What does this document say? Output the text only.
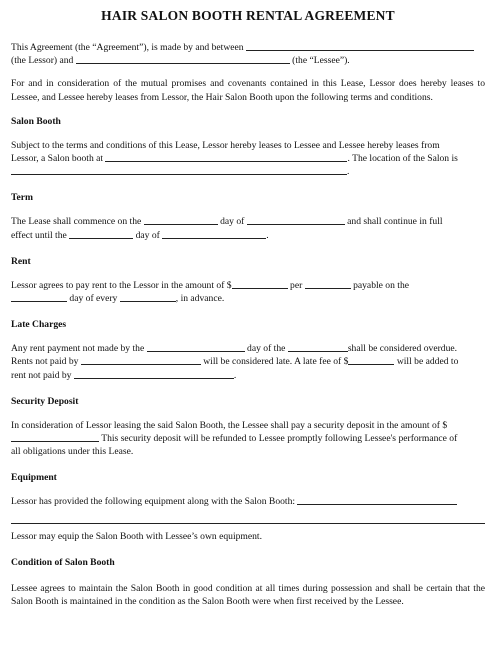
HAIR SALON BOOTH RENTAL AGREEMENT

This Agreement (the “Agreement”), is made by and between

(the Lessor) and	(the “Lessee”).

For and in consideration of the mutual promises and covenants contained in this Lease, Lessor does hereby leases to Lessee, and Lessee hereby leases from Lessor, the Hair Salon Booth upon the following terms and conditions.

Salon Booth

Subject to the terms and conditions of this Lease, Lessor hereby leases to Lessee and Lessee hereby leases from

Lessor, a Salon booth at	. The location of the Salon is

.

Term

The Lease shall commence on the	day of	and shall continue in full

effect until the	day of	.

Rent

Lessor agrees to pay rent to the Lessor in the amount of $	per	payable on the

day of every	, in advance.

Late Charges

Any rent payment not made by the	day of the	shall be considered overdue.

Rents not paid by	will be considered late. A late fee of $	will be added to

rent not paid by	.

Security Deposit

In consideration of Lessor leasing the said Salon Booth, the Lessee shall pay a security deposit in the amount of $

This security deposit will be refunded to Lessee promptly following Lessee's performance of

all obligations under this Lease.

Equipment

Lessor has provided the following equipment along with the Salon Booth:

Lessor may equip the Salon Booth with Lessee’s own equipment.

Condition of Salon Booth

Lessee agrees to maintain the Salon Booth in good condition at all times during possession and shall be certain that the Salon Booth is maintained in the condition as the Salon Booth were when first received by the Lessee.
